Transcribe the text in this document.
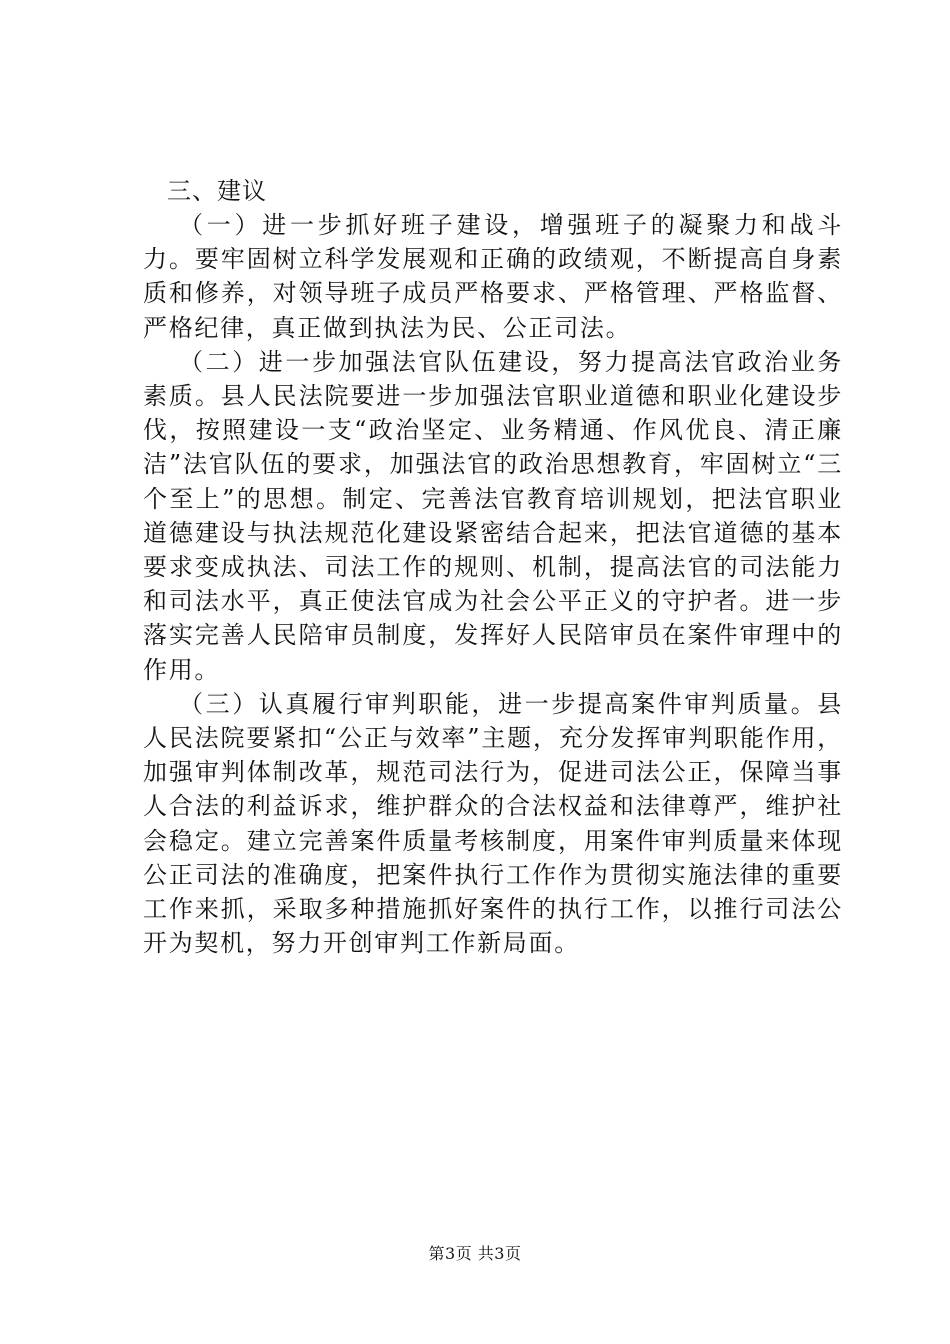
三、建议

（一）进一步抓好班子建设，增强班子的凝聚力和战斗力。要牢固树立科学发展观和正确的政绩观，不断提高自身素质和修养，对领导班子成员严格要求、严格管理、严格监督、严格纪律，真正做到执法为民、公正司法。

（二）进一步加强法官队伍建设，努力提高法官政治业务素质。县人民法院要进一步加强法官职业道德和职业化建设步伐，按照建设一支“政治坚定、业务精通、作风优良、清正廉洁”法官队伍的要求，加强法官的政治思想教育，牢固树立“三个至上”的思想。制定、完善法官教育培训规划，把法官职业道德建设与执法规范化建设紧密结合起来，把法官道德的基本要求变成执法、司法工作的规则、机制，提高法官的司法能力和司法水平，真正使法官成为社会公平正义的守护者。进一步落实完善人民陪审员制度，发挥好人民陪审员在案件审理中的作用。

（三）认真履行审判职能，进一步提高案件审判质量。县人民法院要紧扣“公正与效率”主题，充分发挥审判职能作用，加强审判体制改革，规范司法行为，促进司法公正，保障当事人合法的利益诉求，维护群众的合法权益和法律尊严，维护社会稳定。建立完善案件质量考核制度，用案件审判质量来体现公正司法的准确度，把案件执行工作作为贯彻实施法律的重要工作来抓，采取多种措施抓好案件的执行工作，以推行司法公开为契机，努力开创审判工作新局面。

第3页 共3页
